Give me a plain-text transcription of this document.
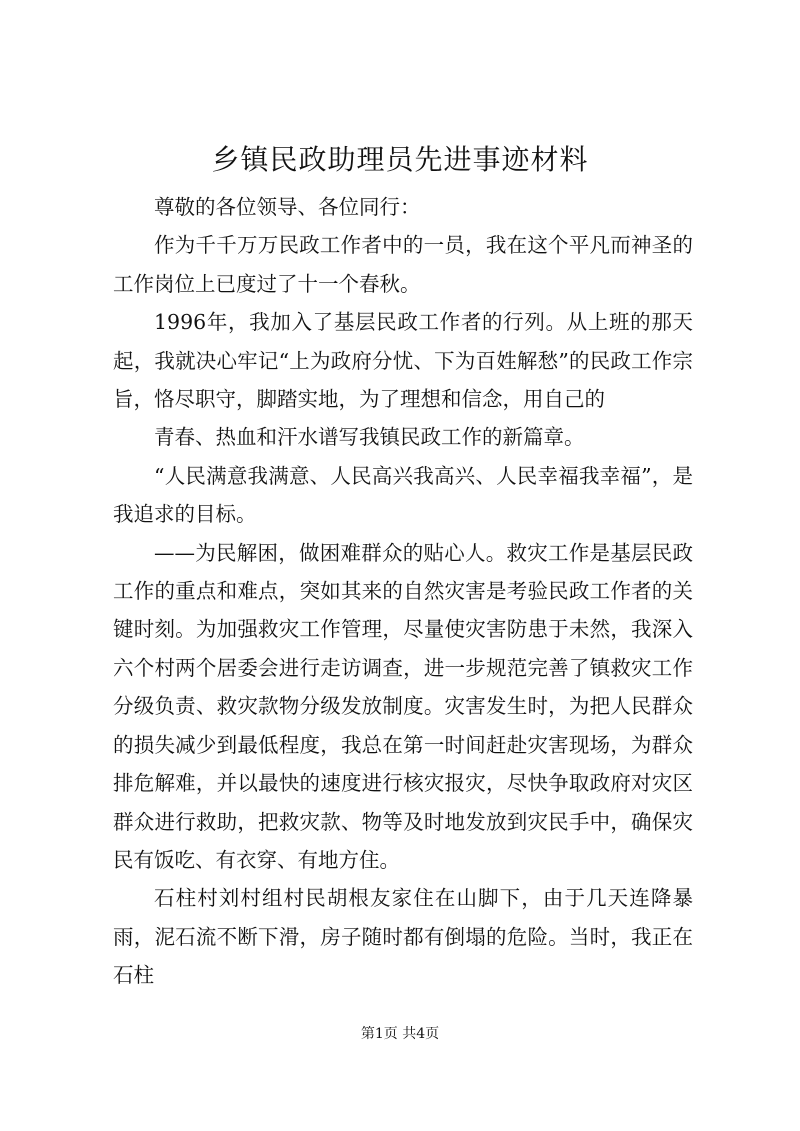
乡镇民政助理员先进事迹材料

尊敬的各位领导、各位同行：

作为千千万万民政工作者中的一员，我在这个平凡而神圣的工作岗位上已度过了十一个春秋。

1996年，我加入了基层民政工作者的行列。从上班的那天起，我就决心牢记“上为政府分忧、下为百姓解愁”的民政工作宗旨，恪尽职守，脚踏实地，为了理想和信念，用自己的

青春、热血和汗水谱写我镇民政工作的新篇章。

“人民满意我满意、人民高兴我高兴、人民幸福我幸福”，是我追求的目标。

——为民解困，做困难群众的贴心人。救灾工作是基层民政工作的重点和难点，突如其来的自然灾害是考验民政工作者的关键时刻。为加强救灾工作管理，尽量使灾害防患于未然，我深入六个村两个居委会进行走访调查，进一步规范完善了镇救灾工作分级负责、救灾款物分级发放制度。灾害发生时，为把人民群众的损失减少到最低程度，我总在第一时间赶赴灾害现场，为群众排危解难，并以最快的速度进行核灾报灾，尽快争取政府对灾区群众进行救助，把救灾款、物等及时地发放到灾民手中，确保灾民有饭吃、有衣穿、有地方住。

石柱村刘村组村民胡根友家住在山脚下，由于几天连降暴雨，泥石流不断下滑，房子随时都有倒塌的危险。当时，我正在石柱

第1页 共4页
